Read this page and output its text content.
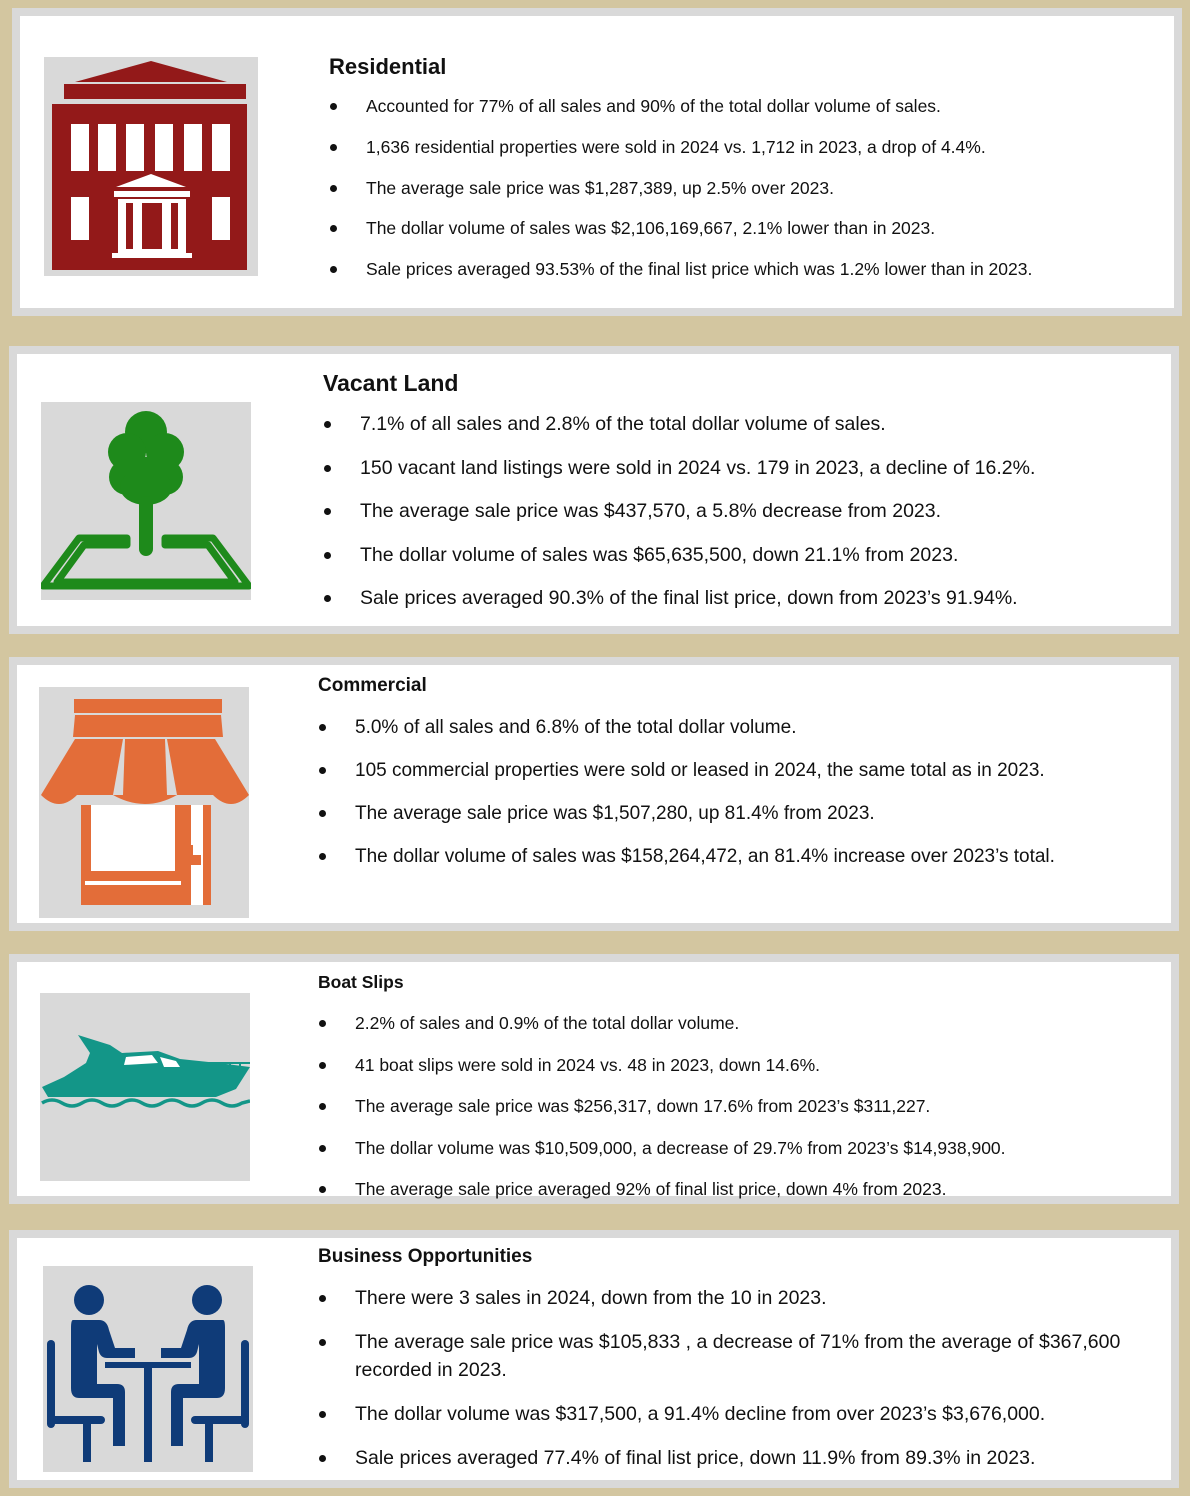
Residential
Accounted for 77% of all sales and 90% of the total dollar volume of sales.
1,636 residential properties were sold in 2024 vs. 1,712 in 2023, a drop of 4.4%.
The average sale price was $1,287,389, up 2.5% over 2023.
The dollar volume of sales was $2,106,169,667, 2.1% lower than in 2023.
Sale prices averaged 93.53% of the final list price which was 1.2% lower than in 2023.
Vacant Land
7.1% of all sales and 2.8% of the total dollar volume of sales.
150 vacant land listings were sold in 2024 vs. 179 in 2023, a decline of 16.2%.
The average sale price was $437,570, a 5.8% decrease from 2023.
The dollar volume of sales was $65,635,500, down 21.1% from 2023.
Sale prices averaged 90.3% of the final list price, down from 2023’s 91.94%.
Commercial
5.0% of all sales and 6.8% of the total dollar volume.
105 commercial properties were sold or leased in 2024, the same total as in 2023.
The average sale price was $1,507,280, up 81.4% from 2023.
The dollar volume of sales was $158,264,472, an 81.4% increase over 2023’s total.
Boat Slips
2.2% of sales and 0.9% of the total dollar volume.
41 boat slips were sold in 2024 vs. 48 in 2023, down 14.6%.
The average sale price was $256,317, down 17.6% from 2023’s $311,227.
The dollar volume was $10,509,000, a decrease of 29.7% from 2023’s $14,938,900.
The average sale price averaged 92% of final list price, down 4% from 2023.
Business Opportunities
There were 3 sales in 2024, down from the 10 in 2023.
The average sale price was $105,833 , a decrease of 71% from the average of $367,600 recorded in 2023.
The dollar volume was $317,500, a 91.4% decline from over 2023’s $3,676,000.
Sale prices averaged 77.4% of final list price, down 11.9% from 89.3% in 2023.
